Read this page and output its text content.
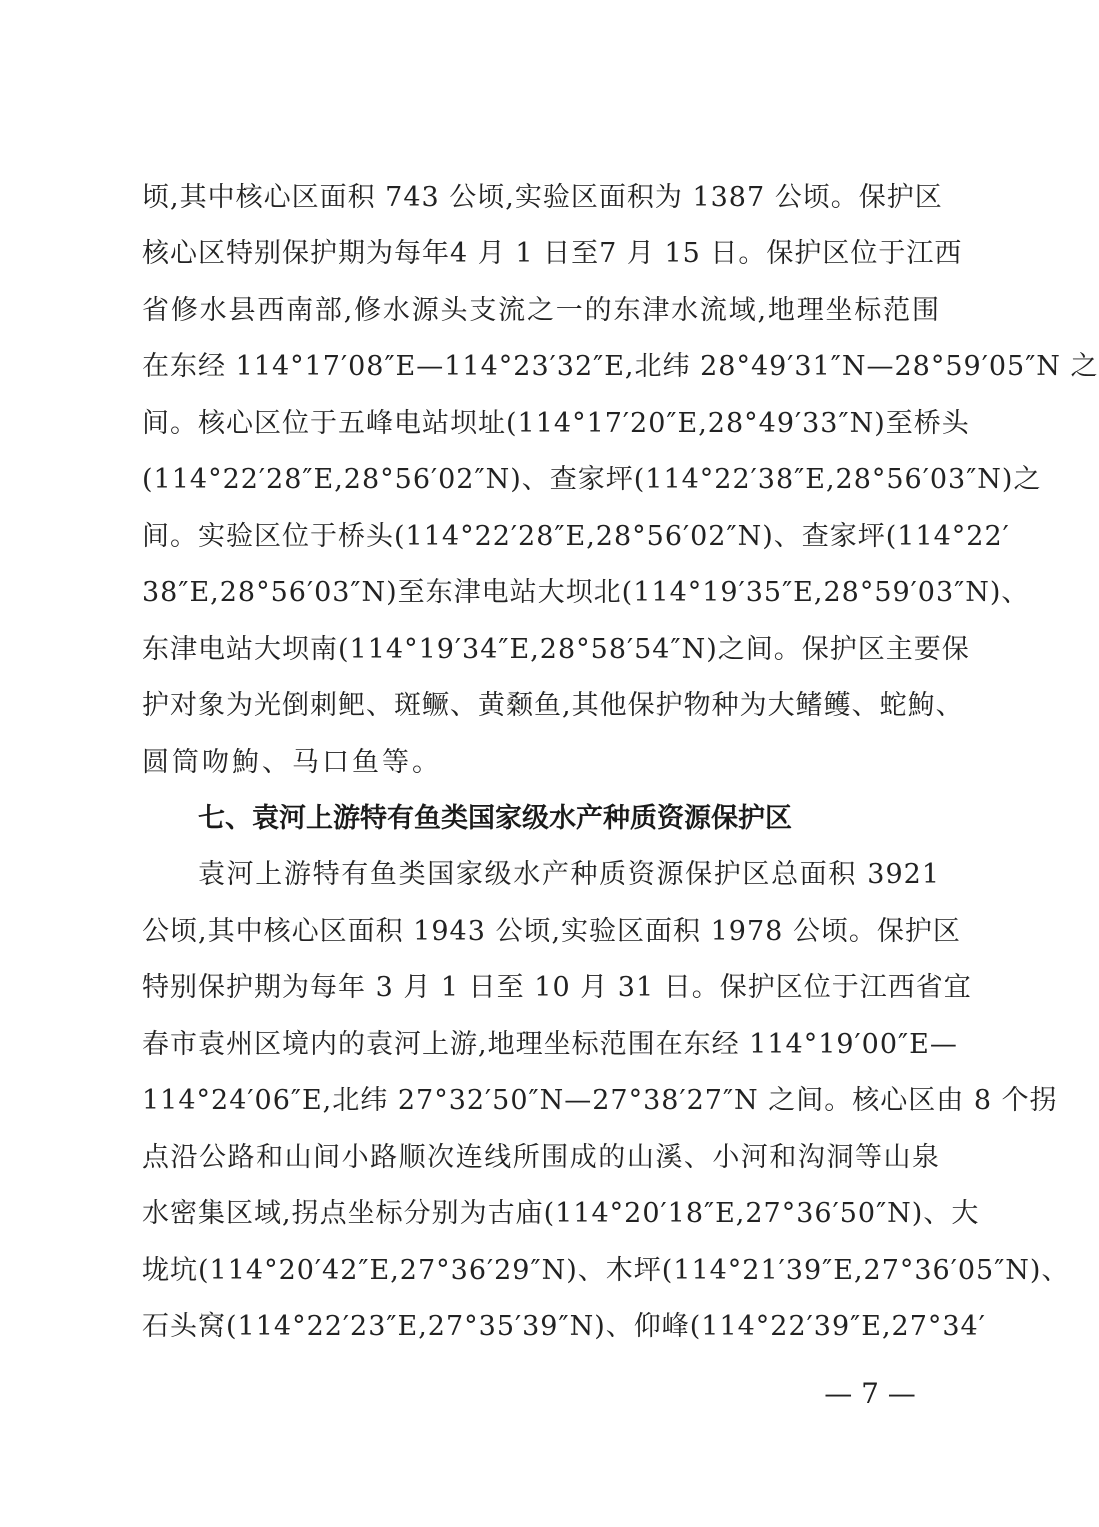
顷,其中核心区面积 743 公顷,实验区面积为 1387 公顷。保护区
核心区特别保护期为每年4 月 1 日至7 月 15 日。保护区位于江西
省修水县西南部,修水源头支流之一的东津水流域,地理坐标范围
在东经 114°17′08″E—114°23′32″E,北纬 28°49′31″N—28°59′05″N 之
间。核心区位于五峰电站坝址(114°17′20″E,28°49′33″N)至桥头
(114°22′28″E,28°56′02″N)、查家坪(114°22′38″E,28°56′03″N)之
间。实验区位于桥头(114°22′28″E,28°56′02″N)、查家坪(114°22′
38″E,28°56′03″N)至东津电站大坝北(114°19′35″E,28°59′03″N)、
东津电站大坝南(114°19′34″E,28°58′54″N)之间。保护区主要保
护对象为光倒刺鲃、斑鳜、黄颡鱼,其他保护物种为大鳍鳠、蛇鮈、
圆筒吻鮈、马口鱼等。
七、袁河上游特有鱼类国家级水产种质资源保护区
袁河上游特有鱼类国家级水产种质资源保护区总面积 3921
公顷,其中核心区面积 1943 公顷,实验区面积 1978 公顷。保护区
特别保护期为每年 3 月 1 日至 10 月 31 日。保护区位于江西省宜
春市袁州区境内的袁河上游,地理坐标范围在东经 114°19′00″E—
114°24′06″E,北纬 27°32′50″N—27°38′27″N 之间。核心区由 8 个拐
点沿公路和山间小路顺次连线所围成的山溪、小河和沟洞等山泉
水密集区域,拐点坐标分别为古庙(114°20′18″E,27°36′50″N)、大
垅坑(114°20′42″E,27°36′29″N)、木坪(114°21′39″E,27°36′05″N)、
石头窝(114°22′23″E,27°35′39″N)、仰峰(114°22′39″E,27°34′
— 7 —
